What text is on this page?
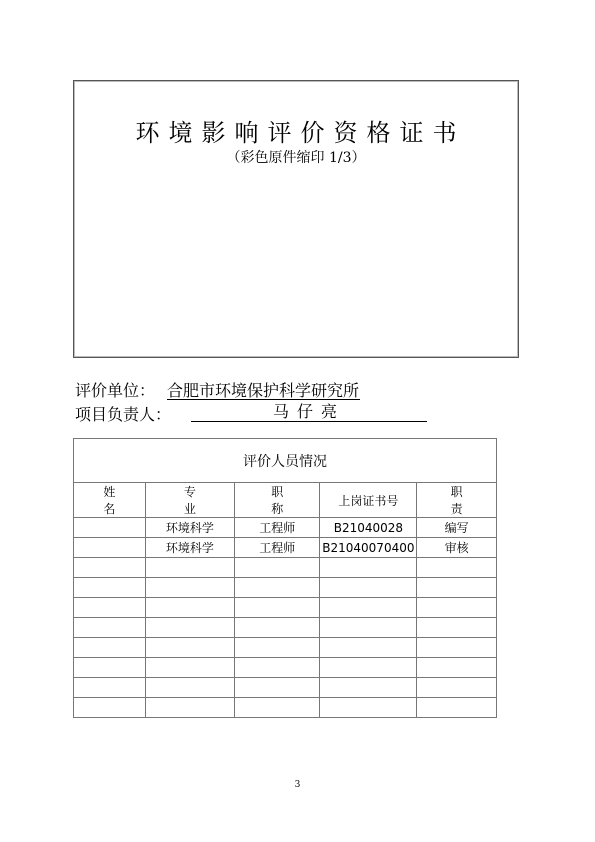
环境影响评价资格证书
（彩色原件缩印 1/3）
评价单位： 合肥市环境保护科学研究所
项目负责人：	马仔亮
评价人员情况				
姓名	专业	职称	上岗证书号	职责
	环境科学	工程师	B21040028	编写
	环境科学	工程师	B21040070400	审核

3
